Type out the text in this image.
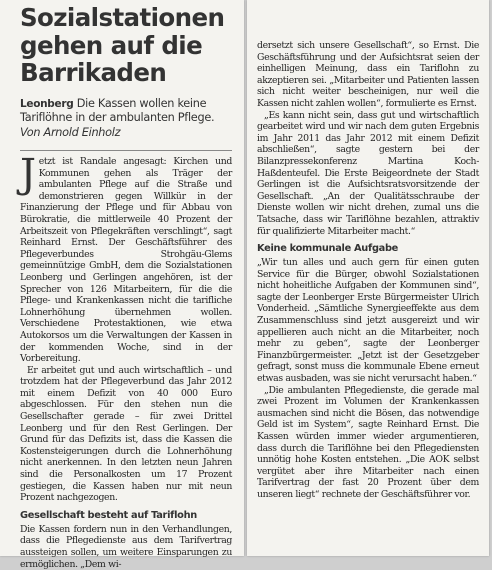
Sozialstationen gehen auf die Barrikaden
Leonberg Die Kassen wollen keine Tariflöhne in der ambulanten Pflege. Von Arnold Einholz

Jetzt ist Randale angesagt: Kirchen und Kommunen gehen als Träger der ambulanten Pflege auf die Straße und demonstrieren gegen Willkür in der Finanzierung der Pflege und für Abbau von Bürokratie, die mittlerweile 40 Prozent der Arbeitszeit von Pflegekräften verschlingt“, sagt Reinhard Ernst. Der Geschäftsführer des Pflegeverbundes Strohgäu-Glems gemeinnützige GmbH, dem die Sozialstationen Leonberg und Gerlingen angehören, ist der Sprecher von 126 Mitarbeitern, für die die Pflege- und Krankenkassen nicht die tarifliche Lohnerhöhung übernehmen wollen. Verschiedene Protestaktionen, wie etwa Autokorsos um die Verwaltungen der Kassen in der kommenden Woche, sind in der Vorbereitung.

Er arbeitet gut und auch wirtschaftlich – und trotzdem hat der Pflegeverbund das Jahr 2012 mit einem Defizit von 40 000 Euro abgeschlossen. Für den stehen nun die Gesellschafter gerade – für zwei Drittel Leonberg und für den Rest Gerlingen. Der Grund für das Defizits ist, dass die Kassen die Kostensteigerungen durch die Lohnerhöhung nicht anerkennen. In den letzten neun Jahren sind die Personalkosten um 17 Prozent gestiegen, die Kassen haben nur mit neun Prozent nachgezogen.

Gesellschaft besteht auf Tariflohn

Die Kassen fordern nun in den Verhandlungen, dass die Pflegedienste aus dem Tarifvertrag aussteigen sollen, um weitere Einsparungen zu ermöglichen. „Dem wi-

dersetzt sich unsere Gesellschaft“, so Ernst. Die Geschäftsführung und der Aufsichtsrat seien der einhelligen Meinung, dass ein Tariflohn zu akzeptieren sei. „Mitarbeiter und Patienten lassen sich nicht weiter bescheinigen, nur weil die Kassen nicht zahlen wollen“, formulierte es Ernst.

„Es kann nicht sein, dass gut und wirtschaftlich gearbeitet wird und wir nach dem guten Ergebnis im Jahr 2011 das Jahr 2012 mit einem Defizit abschließen“, sagte gestern bei der Bilanzpressekonferenz Martina Koch-Haßdenteufel. Die Erste Beigeordnete der Stadt Gerlingen ist die Aufsichtsratsvorsitzende der Gesellschaft. „An der Qualitätsschraube der Dienste wollen wir nicht drehen, zumal uns die Tatsache, dass wir Tariflöhne bezahlen, attraktiv für qualifizierte Mitarbeiter macht.“

Keine kommunale Aufgabe

„Wir tun alles und auch gern für einen guten Service für die Bürger, obwohl Sozialstationen nicht hoheitliche Aufgaben der Kommunen sind“, sagte der Leonberger Erste Bürgermeister Ulrich Vonderheid. „Sämtliche Synergieeffekte aus dem Zusammenschluss sind jetzt ausgereizt und wir appellieren auch nicht an die Mitarbeiter, noch mehr zu geben“, sagte der Leonberger Finanzbürgermeister. „Jetzt ist der Gesetzgeber gefragt, sonst muss die kommunale Ebene erneut etwas ausbaden, was sie nicht verursacht haben.“

„Die ambulanten Pflegedienste, die gerade mal zwei Prozent im Volumen der Krankenkassen ausmachen sind nicht die Bösen, das notwendige Geld ist im System“, sagte Reinhard Ernst. Die Kassen würden immer wieder argumentieren, dass durch die Tariflöhne bei den Pflegediensten unnötig hohe Kosten entstehen. „Die AOK selbst vergütet aber ihre Mitarbeiter nach einen Tarifvertrag der fast 20 Prozent über dem unseren liegt“ rechnete der Geschäftsführer vor.
